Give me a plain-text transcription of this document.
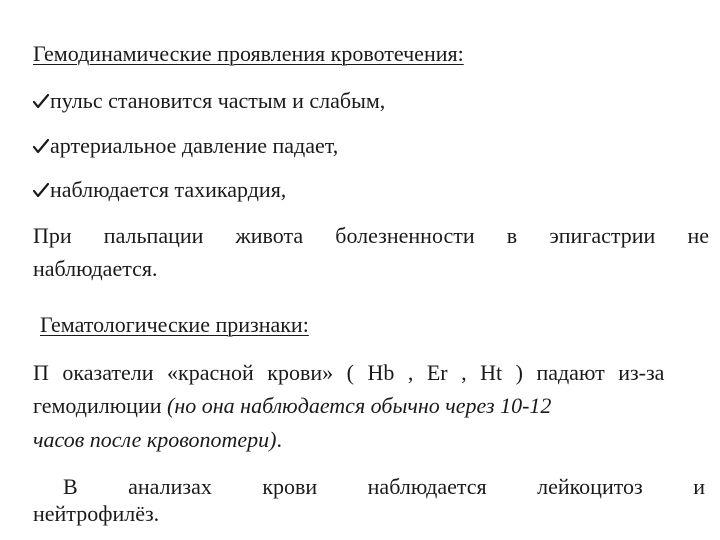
Гемодинамические проявления кровотечения:
пульс становится частым и слабым,
артериальное давление падает,
наблюдается тахикардия,
При пальпации живота болезненности в эпигастрии не
наблюдается.
Гематологические признаки:
П оказатели «красной крови» ( Hb , Er , Ht ) падают из-за
гемодилюции (но она наблюдается обычно через 10-12
часов после кровопотери).
В анализах крови наблюдается лейкоцитоз и
нейтрофилёз.
